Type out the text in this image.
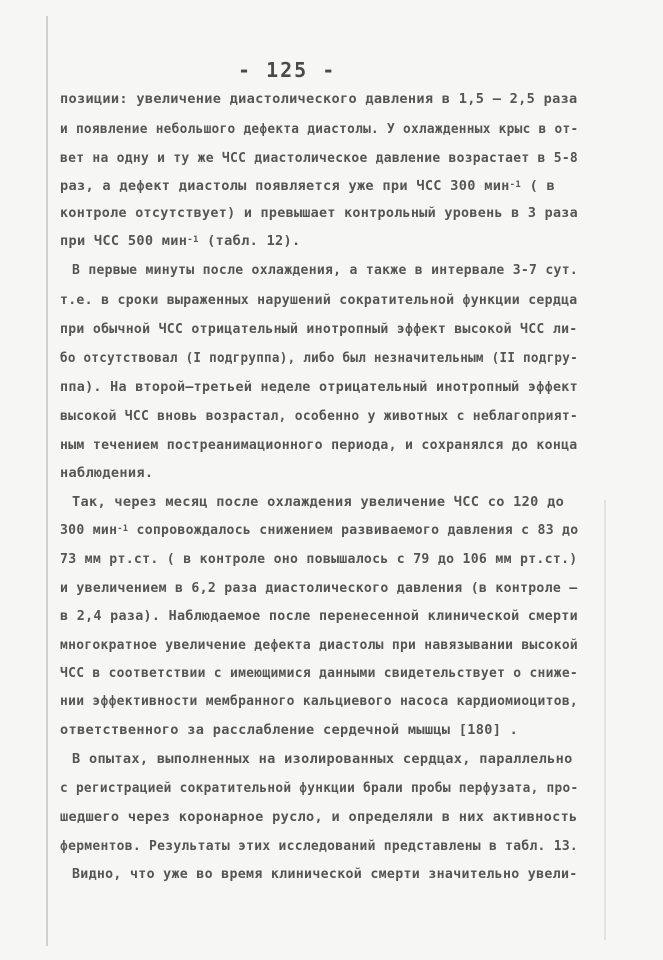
- 125 -
позиции: увеличение диастолического давления в 1,5 – 2,5 раза
и появление небольшого дефекта диастолы. У охлажденных крыс в от-
вет на одну и ту же ЧСС диастолическое давление возрастает в 5-8
раз, а дефект диастолы появляется уже при ЧСС 300 мин$^{-1}$ ( в
контроле отсутствует) и превышает контрольный уровень в 3 раза
при ЧСС 500 мин$^{-1}$ (табл. 12).
В первые минуты после охлаждения, а также в интервале 3-7 сут.
т.е. в сроки выраженных нарушений сократительной функции сердца
при обычной ЧСС отрицательный инотропный эффект высокой ЧСС ли-
бо отсутствовал (I подгруппа), либо был незначительным (II подгру-
ппа). На второй–третьей неделе отрицательный инотропный эффект
высокой ЧСС вновь возрастал, особенно у животных с неблагоприят-
ным течением постреанимационного периода, и сохранялся до конца
наблюдения.
Так, через месяц после охлаждения увеличение ЧСС со 120 до
300 мин$^{-1}$ сопровождалось снижением развиваемого давления с 83 до
73 мм рт.ст. ( в контроле оно повышалось с 79 до 106 мм рт.ст.)
и увеличением в 6,2 раза диастолического давления (в контроле –
в 2,4 раза). Наблюдаемое после перенесенной клинической смерти
многократное увеличение дефекта диастолы при навязывании высокой
ЧСС в соответствии с имеющимися данными свидетельствует о сниже-
нии эффективности мембранного кальциевого насоса кардиомиоцитов,
ответственного за расслабление сердечной мышцы [180] .
В опытах, выполненных на изолированных сердцах, параллельно
с регистрацией сократительной функции брали пробы перфузата, про-
шедшего через коронарное русло, и определяли в них активность
ферментов. Результаты этих исследований представлены в табл. 13.
Видно, что уже во время клинической смерти значительно увели-
